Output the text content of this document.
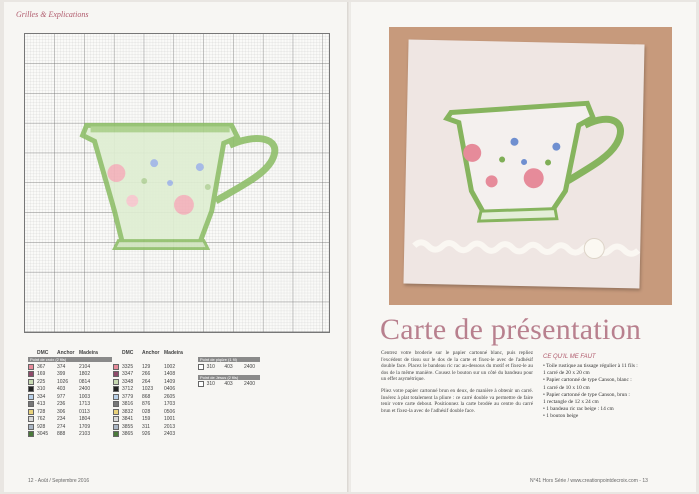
Grilles & Explications
DMC	Anchor Madeira
Point de croix (2 fils)
367	374	2104
169	399	1802
225	1026	0814
310	403	2400
334	977	1003
413	236	1713
728	306	0113
762	234	1804
928	274	1709
3045	888	2103
DMC	Anchor Madeira
3325	129	1002
3347	266	1408
3348	264	1409
3712	1023	0406
3779	868	2605
3816	876	1703
3832	028	0506
3841	159	1001
3855	311	2013
3865	926	2403
Point de piqûre (1 fil)
310	403	2400
Point de Jésus (2 fils)
310	403	2400
Carte de présentation

Centrez votre broderie sur le papier cartonné blanc, puis repliez l'excédent de tissu sur le dos de la carte et fixez-le avec de l'adhésif double face. Placez le bandeau ric rac au-dessous du motif et fixez-le au dos de la même manière. Cousez le bouton sur un côté du bandeau pour un effet asymétrique.

Pliez votre papier cartonné brun en deux, de manière à obtenir un carré. Insérez à plat totalement la pliure : ce carré double va permettre de faire tenir votre carte debout. Positionnez la carte brodée au centre du carré brun et fixez-la avec de l'adhésif double face.

CE QU'IL ME FAUT
• Toile rustique au tissage régulier à 11 fils :
1 carré de 20 x 20 cm
• Papier cartonné de type Canson, blanc :
1 carré de 10 x 10 cm
• Papier cartonné de type Canson, brun :
1 rectangle de 12 x 24 cm
• 1 bandeau ric rac beige : 14 cm
• 1 bouton beige
12 - Août / Septembre 2016	N°41 Hors Série / www.creationpointdecroix.com - 13
